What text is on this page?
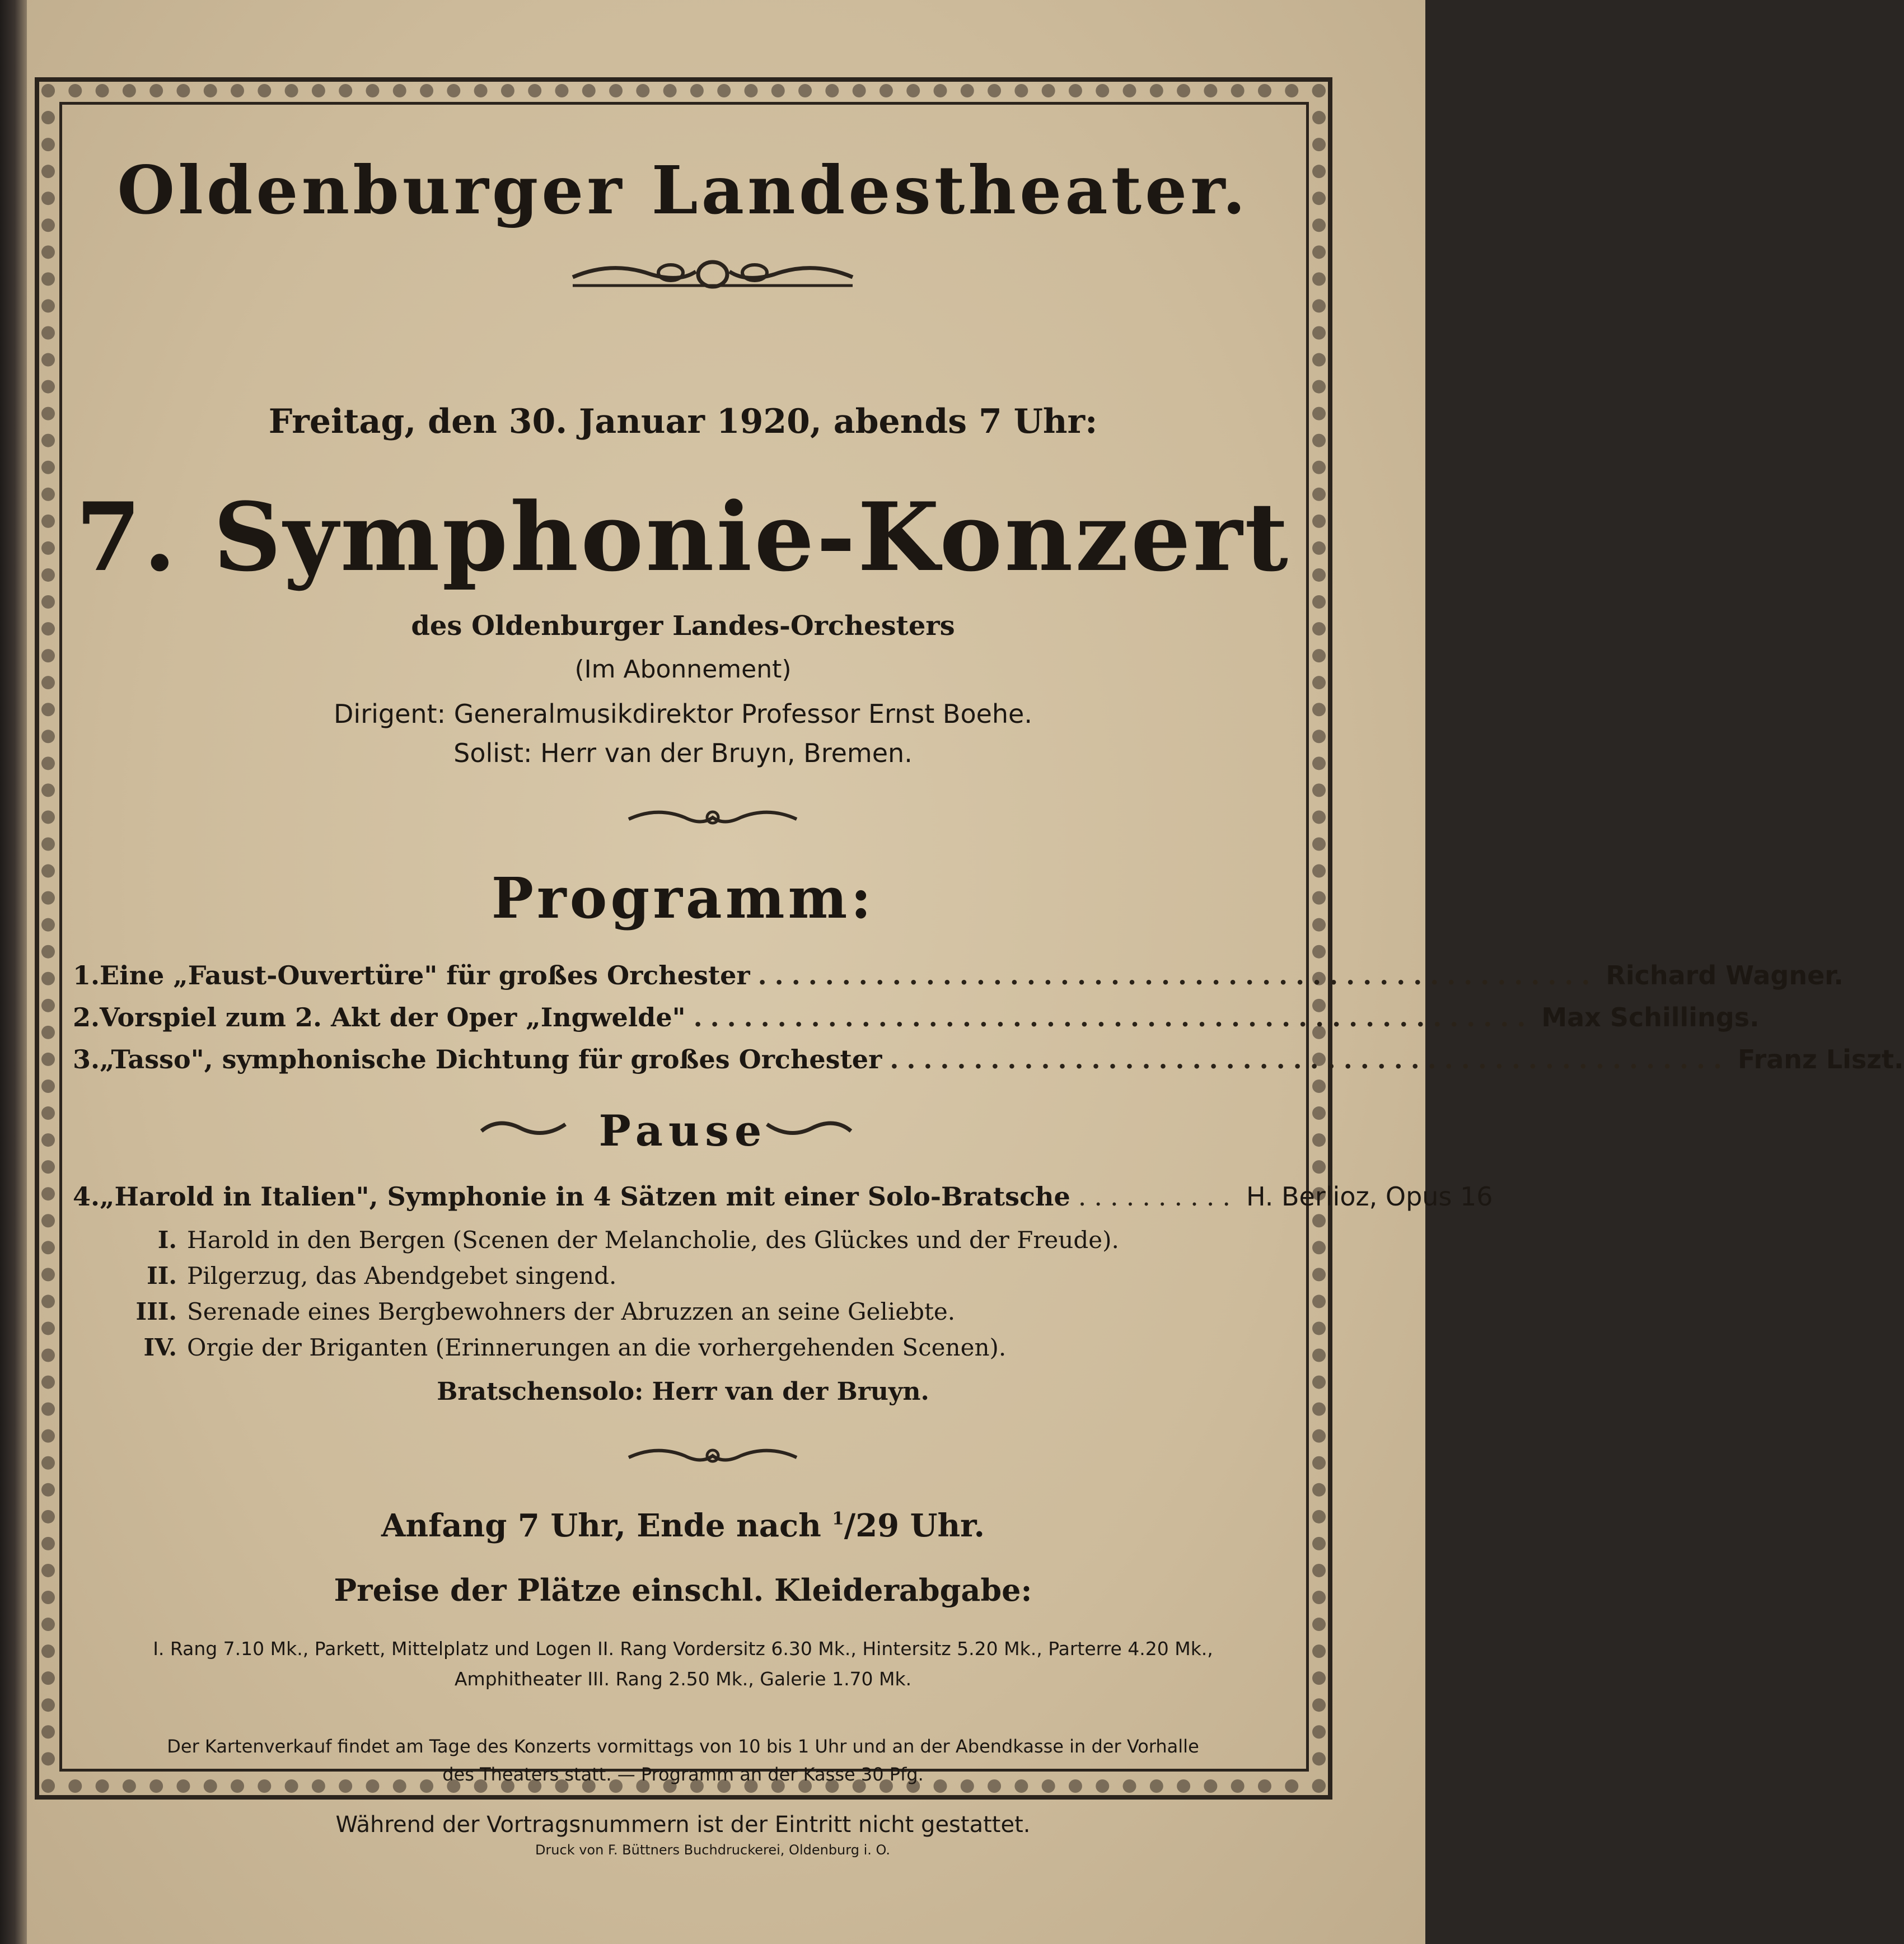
Oldenburger Landestheater.
Freitag, den 30. Januar 1920, abends 7 Uhr:
7. Symphonie-Konzert
des Oldenburger Landes-Orchesters
(Im Abonnement)
Dirigent: Generalmusikdirektor Professor Ernst Boehe.
Solist: Herr van der Bruyn, Bremen.
Programm:
1. Eine „Faust-Ouvertüre" für großes Orchester .................................................. Richard Wagner.
2. Vorspiel zum 2. Akt der Oper „Ingwelde" .................................................. Max Schillings.
3. „Tasso", symphonische Dichtung für großes Orchester .................................................. Franz Liszt.
Pause
4. „Harold in Italien", Symphonie in 4 Sätzen mit einer Solo-Bratsche .......... H. Berlioz, Opus 16
I. Harold in den Bergen (Scenen der Melancholie, des Glückes und der Freude).
II. Pilgerzug, das Abendgebet singend.
III. Serenade eines Bergbewohners der Abruzzen an seine Geliebte.
IV. Orgie der Briganten (Erinnerungen an die vorhergehenden Scenen).
Bratschensolo: Herr van der Bruyn.
Anfang 7 Uhr, Ende nach $^1$/29 Uhr.
Preise der Plätze einschl. Kleiderabgabe:
I. Rang 7.10 Mk., Parkett, Mittelplatz und Logen II. Rang Vordersitz 6.30 Mk., Hintersitz 5.20 Mk., Parterre 4.20 Mk.,
Amphitheater III. Rang 2.50 Mk., Galerie 1.70 Mk.
Der Kartenverkauf findet am Tage des Konzerts vormittags von 10 bis 1 Uhr und an der Abendkasse in der Vorhalle
des Theaters statt. — Programm an der Kasse 30 Pfg.
Während der Vortragsnummern ist der Eintritt nicht gestattet.
Druck von F. Büttners Buchdruckerei, Oldenburg i. O.
